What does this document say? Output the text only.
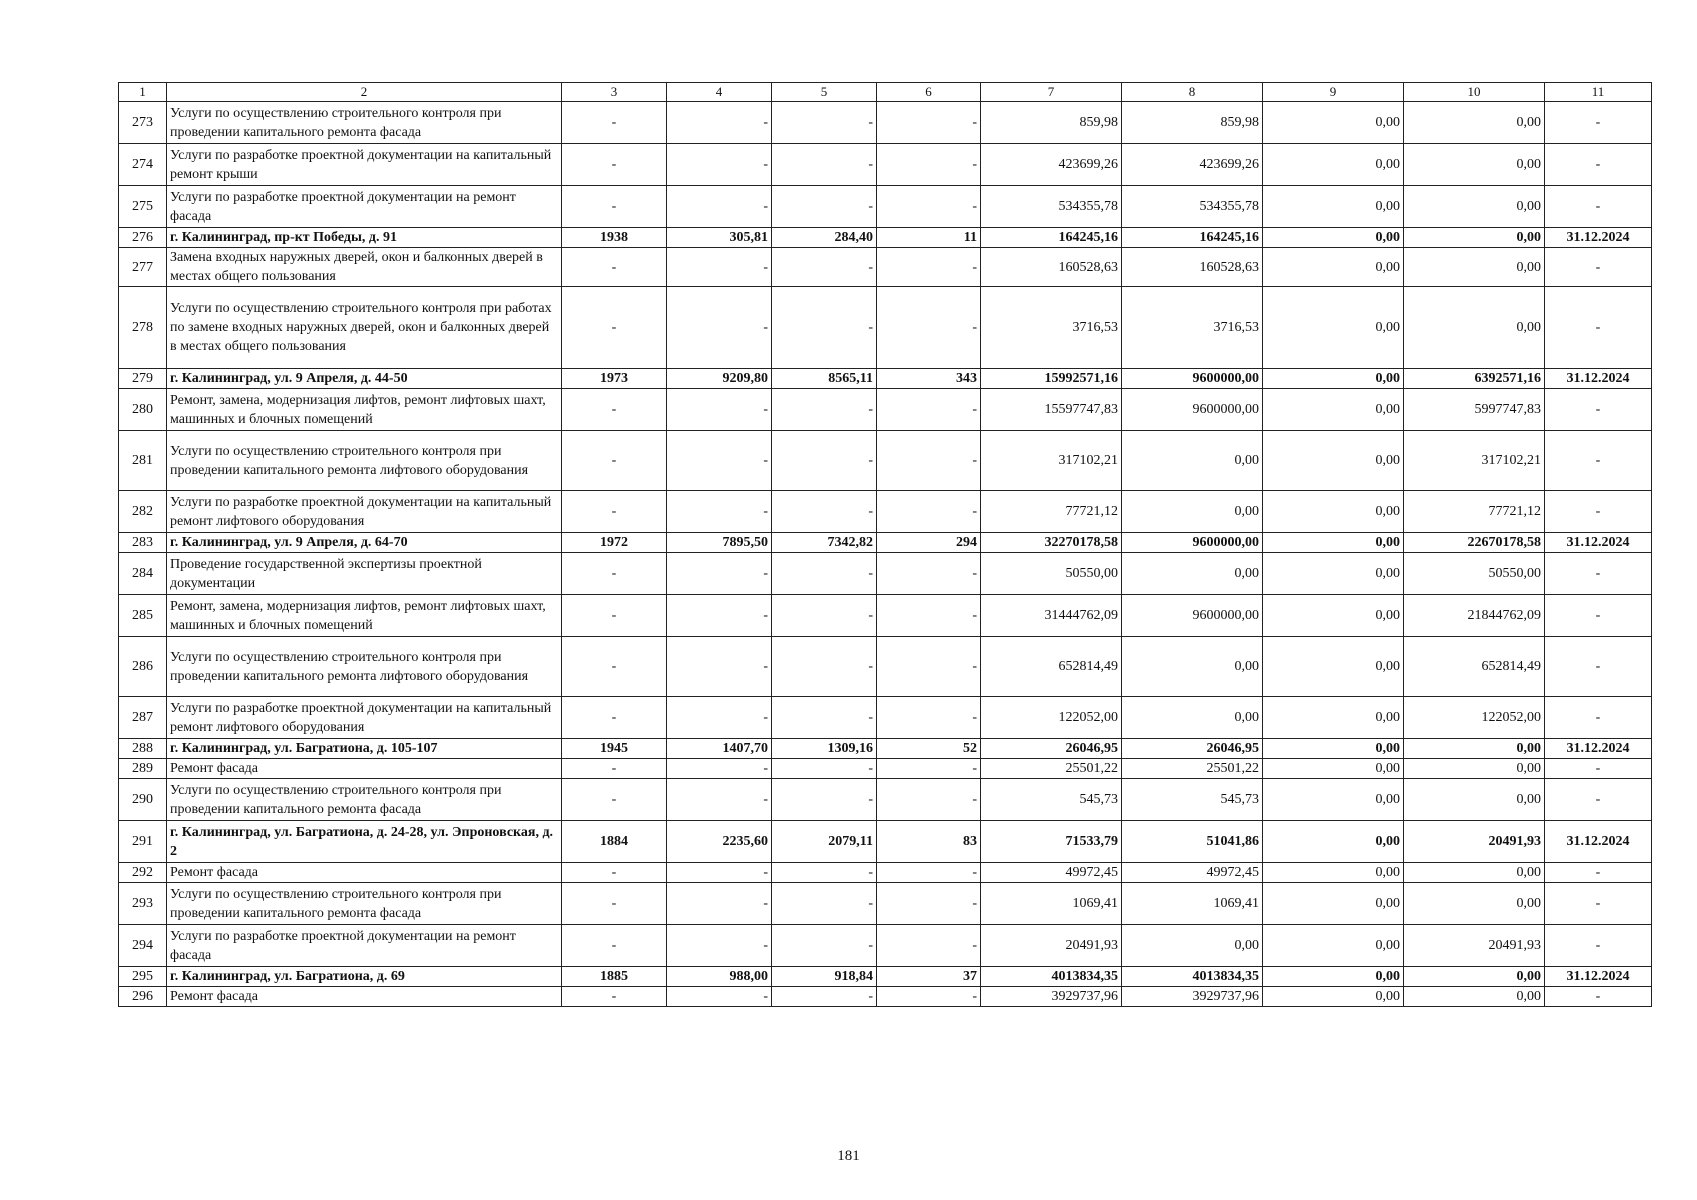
1	2	3	4	5	6	7	8	9	10	11
273	Услуги по осуществлению строительного контроля при проведении капитального ремонта фасада	-	-	-	-	859,98	859,98	0,00	0,00	-
274	Услуги по разработке проектной документации на капитальный ремонт крыши	-	-	-	-	423699,26	423699,26	0,00	0,00	-
275	Услуги по разработке проектной документации на ремонт фасада	-	-	-	-	534355,78	534355,78	0,00	0,00	-
276	г. Калининград, пр-кт Победы, д. 91	1938	305,81	284,40	11	164245,16	164245,16	0,00	0,00	31.12.2024
277	Замена входных наружных дверей, окон и балконных дверей в местах общего пользования	-	-	-	-	160528,63	160528,63	0,00	0,00	-
278	Услуги по осуществлению строительного контроля при работах по замене входных наружных дверей, окон и балконных дверей в местах общего пользования	-	-	-	-	3716,53	3716,53	0,00	0,00	-
279	г. Калининград, ул. 9 Апреля, д. 44-50	1973	9209,80	8565,11	343	15992571,16	9600000,00	0,00	6392571,16	31.12.2024
280	Ремонт, замена, модернизация лифтов, ремонт лифтовых шахт, машинных и блочных помещений	-	-	-	-	15597747,83	9600000,00	0,00	5997747,83	-
281	Услуги по осуществлению строительного контроля при проведении капитального ремонта лифтового оборудования	-	-	-	-	317102,21	0,00	0,00	317102,21	-
282	Услуги по разработке проектной документации на капитальный ремонт лифтового оборудования	-	-	-	-	77721,12	0,00	0,00	77721,12	-
283	г. Калининград, ул. 9 Апреля, д. 64-70	1972	7895,50	7342,82	294	32270178,58	9600000,00	0,00	22670178,58	31.12.2024
284	Проведение государственной экспертизы проектной документации	-	-	-	-	50550,00	0,00	0,00	50550,00	-
285	Ремонт, замена, модернизация лифтов, ремонт лифтовых шахт, машинных и блочных помещений	-	-	-	-	31444762,09	9600000,00	0,00	21844762,09	-
286	Услуги по осуществлению строительного контроля при проведении капитального ремонта лифтового оборудования	-	-	-	-	652814,49	0,00	0,00	652814,49	-
287	Услуги по разработке проектной документации на капитальный ремонт лифтового оборудования	-	-	-	-	122052,00	0,00	0,00	122052,00	-
288	г. Калининград, ул. Багратиона, д. 105-107	1945	1407,70	1309,16	52	26046,95	26046,95	0,00	0,00	31.12.2024
289	Ремонт фасада	-	-	-	-	25501,22	25501,22	0,00	0,00	-
290	Услуги по осуществлению строительного контроля при проведении капитального ремонта фасада	-	-	-	-	545,73	545,73	0,00	0,00	-
291	г. Калининград, ул. Багратиона, д. 24-28, ул. Эпроновская, д. 2	1884	2235,60	2079,11	83	71533,79	51041,86	0,00	20491,93	31.12.2024
292	Ремонт фасада	-	-	-	-	49972,45	49972,45	0,00	0,00	-
293	Услуги по осуществлению строительного контроля при проведении капитального ремонта фасада	-	-	-	-	1069,41	1069,41	0,00	0,00	-
294	Услуги по разработке проектной документации на ремонт фасада	-	-	-	-	20491,93	0,00	0,00	20491,93	-
295	г. Калининград, ул. Багратиона, д. 69	1885	988,00	918,84	37	4013834,35	4013834,35	0,00	0,00	31.12.2024
296	Ремонт фасада	-	-	-	-	3929737,96	3929737,96	0,00	0,00	-
181
